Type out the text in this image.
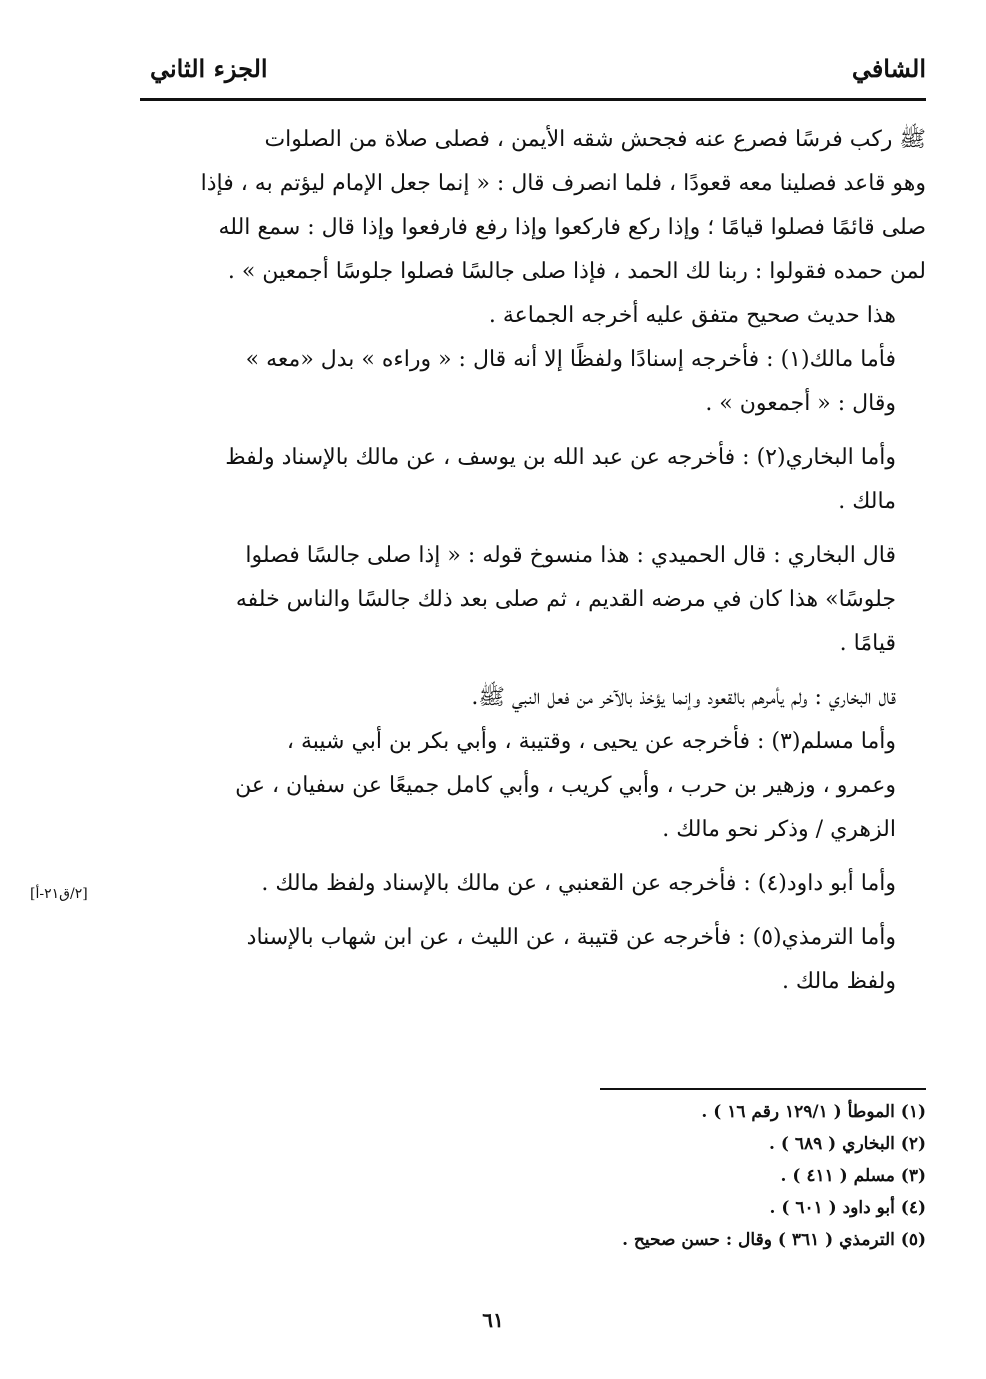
الشافي
الجزء الثاني

ﷺ ركب فرسًا فصرع عنه فجحش شقه الأيمن ، فصلى صلاة من الصلوات
وهو قاعد فصلينا معه قعودًا ، فلما انصرف قال : « إنما جعل الإمام ليؤتم به ، فإذا
صلى قائمًا فصلوا قيامًا ؛ وإذا ركع فاركعوا وإذا رفع فارفعوا وإذا قال : سمع الله
لمن حمده فقولوا : ربنا لك الحمد ، فإذا صلى جالسًا فصلوا جلوسًا أجمعين » .

هذا حديث صحيح متفق عليه أخرجه الجماعة .

فأما مالك(١) : فأخرجه إسنادًا ولفظًا إلا أنه قال : « وراءه » بدل «معه »
وقال : « أجمعون » .

وأما البخاري(٢) : فأخرجه عن عبد الله بن يوسف ، عن مالك بالإسناد ولفظ
مالك .

قال البخاري : قال الحميدي : هذا منسوخ قوله : « إذا صلى جالسًا فصلوا
جلوسًا» هذا كان في مرضه القديم ، ثم صلى بعد ذلك جالسًا والناس خلفه
قيامًا .

قال البخاري : ولم يأمرهم بالقعود وإنما يؤخذ بالآخر من فعل النبي ﷺ.

وأما مسلم(٣) : فأخرجه عن يحيى ، وقتيبة ، وأبي بكر بن أبي شيبة ،
وعمرو ، وزهير بن حرب ، وأبي كريب ، وأبي كامل جميعًا عن سفيان ، عن
الزهري / وذكر نحو مالك .

وأما أبو داود(٤) : فأخرجه عن القعنبي ، عن مالك بالإسناد ولفظ مالك .

وأما الترمذي(٥) : فأخرجه عن قتيبة ، عن الليث ، عن ابن شهاب بالإسناد
ولفظ مالك .

[٢/ق٢١-أ]
(١) الموطأ ( ١٢٩/١ رقم ١٦ ) .
(٢) البخاري ( ٦٨٩ ) .
(٣) مسلم ( ٤١١ ) .
(٤) أبو داود ( ٦٠١ ) .
(٥) الترمذي ( ٣٦١ ) وقال : حسن صحيح .
٦١
